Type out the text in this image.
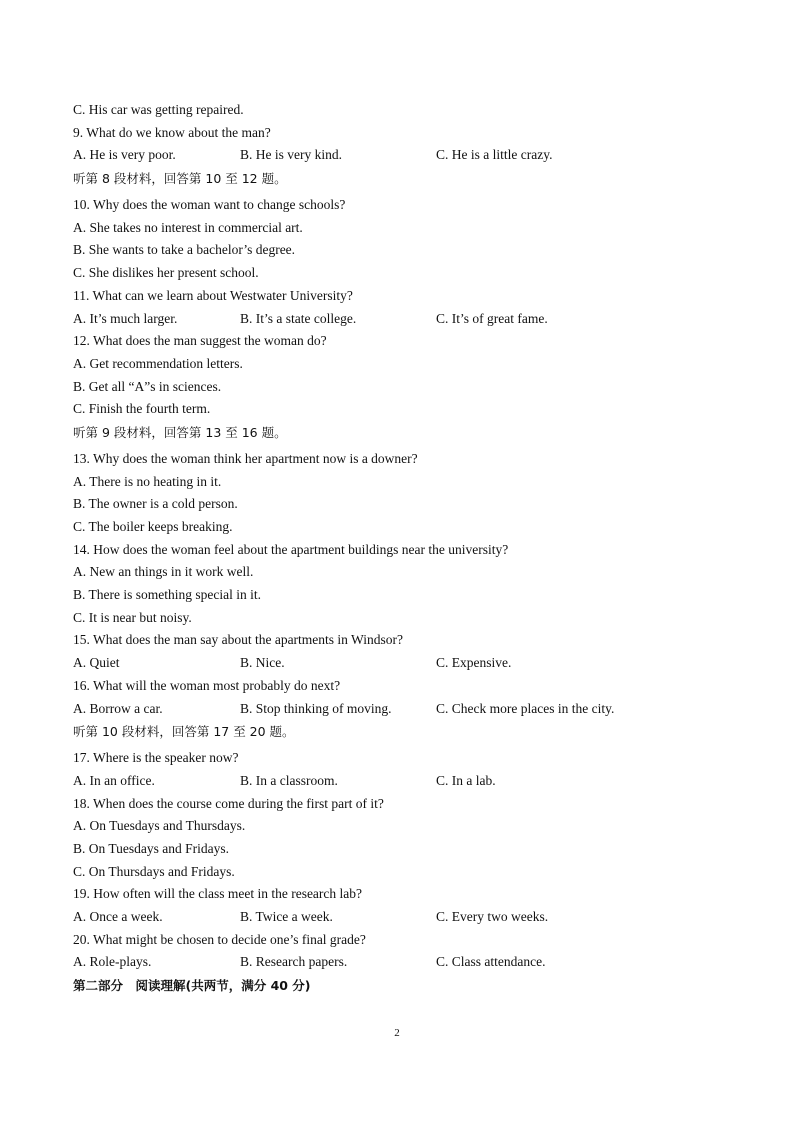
C. His car was getting repaired.
9. What do we know about the man?
A. He is very poor.	B. He is very kind.	C. He is a little crazy.
听第 8 段材料，回答第 10 至 12 题。
10. Why does the woman want to change schools?
A. She takes no interest in commercial art.
B. She wants to take a bachelor’s degree.
C. She dislikes her present school.
11. What can we learn about Westwater University?
A. It’s much larger.	B. It’s a state college.	C. It’s of great fame.
12. What does the man suggest the woman do?
A. Get recommendation letters.
B. Get all “A”s in sciences.
C. Finish the fourth term.
听第 9 段材料，回答第 13 至 16 题。
13. Why does the woman think her apartment now is a downer?
A. There is no heating in it.
B. The owner is a cold person.
C. The boiler keeps breaking.
14. How does the woman feel about the apartment buildings near the university?
A. New an things in it work well.
B. There is something special in it.
C. It is near but noisy.
15. What does the man say about the apartments in Windsor?
A. Quiet	B. Nice.	C. Expensive.
16. What will the woman most probably do next?
A. Borrow a car.	B. Stop thinking of moving.	C. Check more places in the city.
听第 10 段材料，回答第 17 至 20 题。
17. Where is the speaker now?
A. In an office.	B. In a classroom.	C. In a lab.
18. When does the course come during the first part of it?
A. On Tuesdays and Thursdays.
B. On Tuesdays and Fridays.
C. On Thursdays and Fridays.
19. How often will the class meet in the research lab?
A. Once a week.	B. Twice a week.	C. Every two weeks.
20. What might be chosen to decide one’s final grade?
A. Role-plays.	B. Research papers.	C. Class attendance.
第二部分　阅读理解(共两节，满分 40 分)
2
